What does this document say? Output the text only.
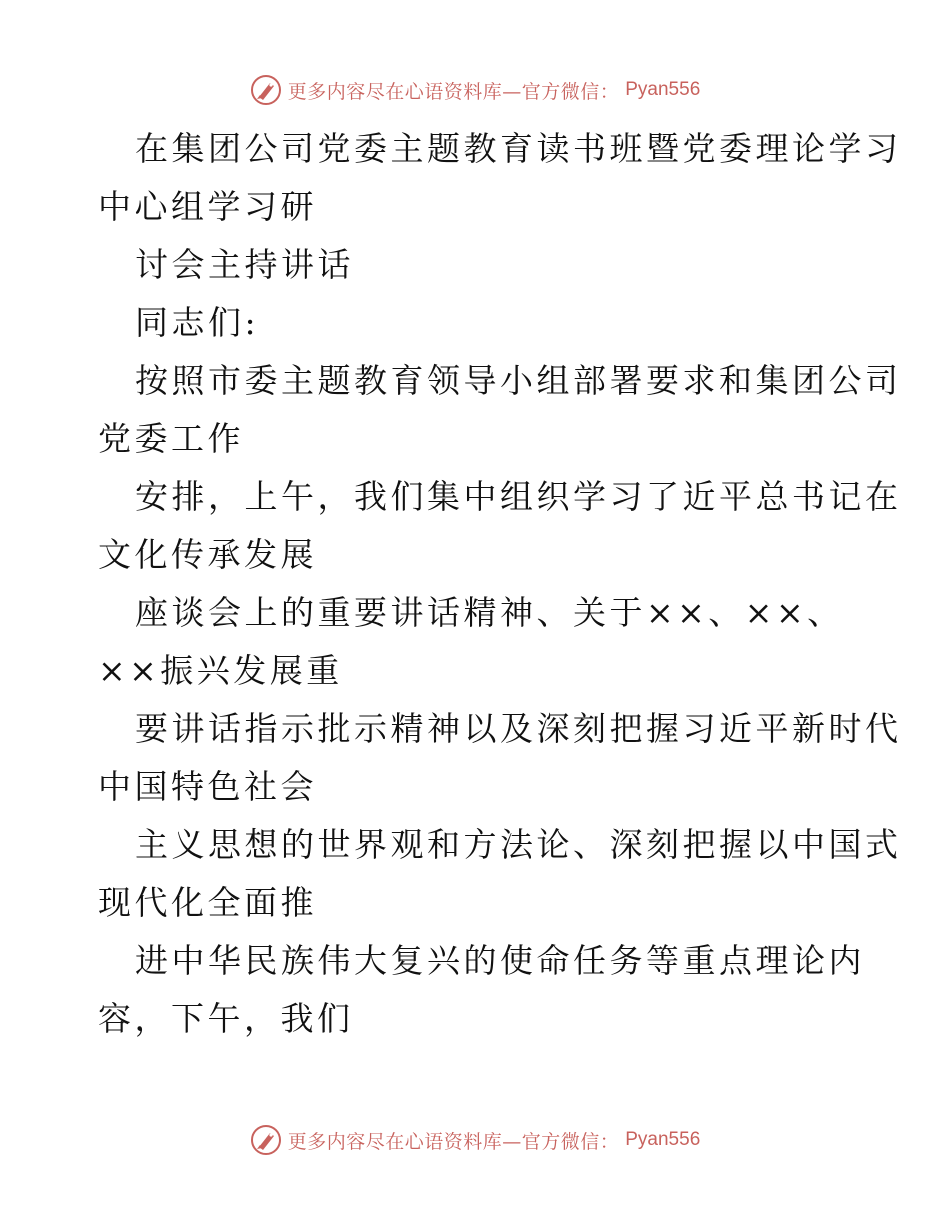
更多内容尽在心语资料库—官方微信： Pyan556

在集团公司党委主题教育读书班暨党委理论学习
中心组学习研

讨会主持讲话

同志们:

按照市委主题教育领导小组部署要求和集团公司
党委工作

安排，上午，我们集中组织学习了近平总书记在
文化传承发展

座谈会上的重要讲话精神、关于××、××、
××振兴发展重

要讲话指示批示精神以及深刻把握习近平新时代
中国特色社会

主义思想的世界观和方法论、深刻把握以中国式
现代化全面推

进中华民族伟大复兴的使命任务等重点理论内
容，下午，我们

更多内容尽在心语资料库—官方微信： Pyan556
